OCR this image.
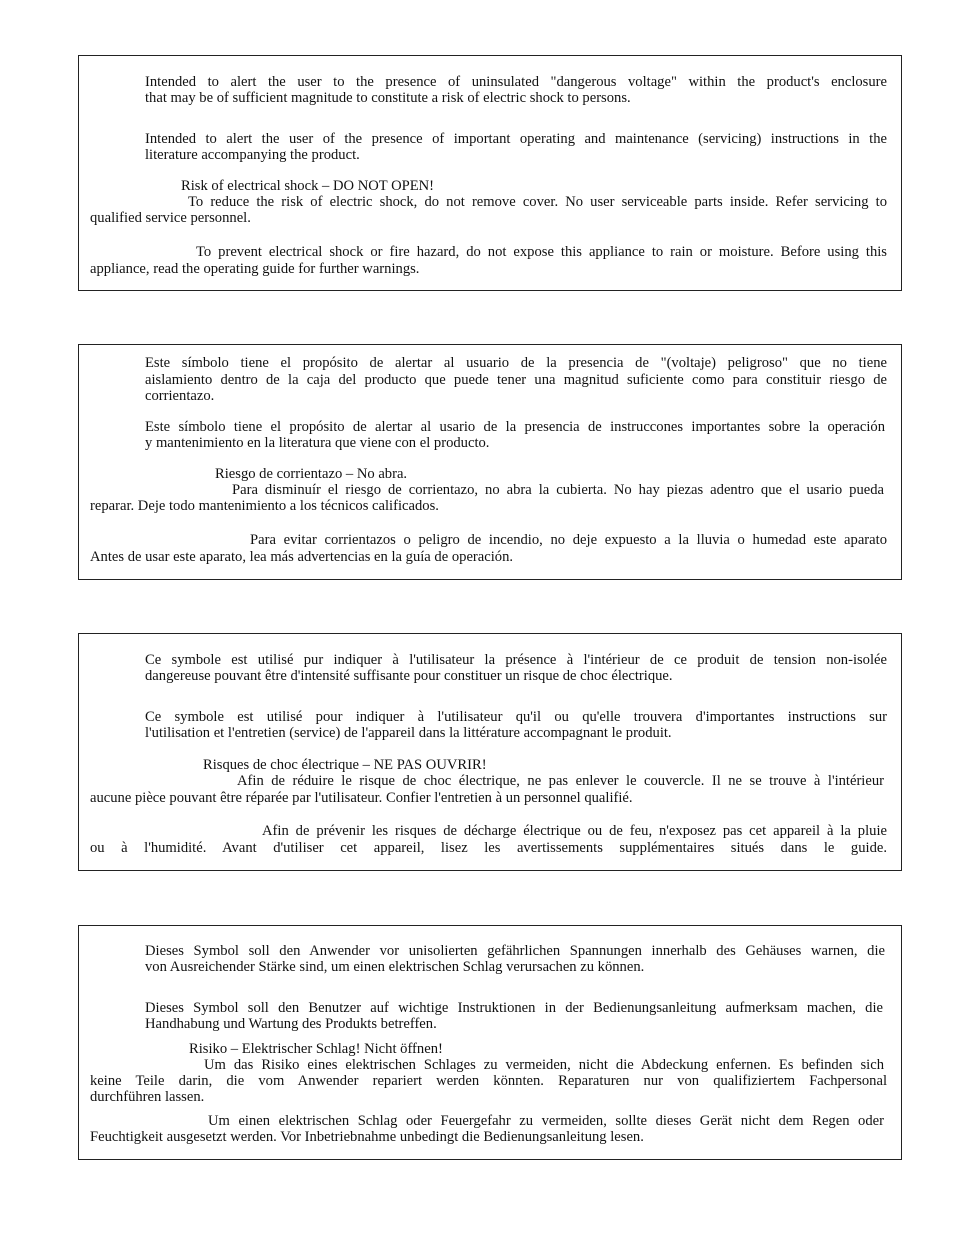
Intended to alert the user to the presence of uninsulated "dangerous voltage" within the product's enclosure

that may be of sufficient magnitude to constitute a risk of electric shock to persons.

Intended to alert the user of the presence of important operating and maintenance (servicing) instructions in the

literature accompanying the product.

Risk of electrical shock – DO NOT OPEN!

To reduce the risk of electric shock, do not remove cover. No user serviceable parts inside. Refer servicing to

qualified service personnel.

To prevent electrical shock or fire hazard, do not expose this appliance to rain or moisture. Before using this

appliance, read the operating guide for further warnings.

Este símbolo tiene el propósito de alertar al usuario de la presencia de "(voltaje) peligroso" que no tiene

aislamiento dentro de la caja del producto que puede tener una magnitud suficiente como para constituir riesgo de

corrientazo.

Este símbolo tiene el propósito de alertar al usario de la presencia de instruccones importantes sobre la operación

y mantenimiento en la literatura que viene con el producto.

Riesgo de corrientazo – No abra.

Para disminuír el riesgo de corrientazo, no abra la cubierta. No hay piezas adentro que el usario pueda

reparar. Deje todo mantenimiento a los técnicos calificados.

Para evitar corrientazos o peligro de incendio, no deje expuesto a la lluvia o humedad este aparato

Antes de usar este aparato, lea más advertencias en la guía de operación.

Ce symbole est utilisé pur indiquer à l'utilisateur la présence à l'intérieur de ce produit de tension non-isolée

dangereuse pouvant être d'intensité suffisante pour constituer un risque de choc électrique.

Ce symbole est utilisé pour indiquer à l'utilisateur qu'il ou qu'elle trouvera d'importantes instructions sur

l'utilisation et l'entretien (service) de l'appareil dans la littérature accompagnant le produit.

Risques de choc électrique – NE PAS OUVRIR!

Afin de réduire le risque de choc électrique, ne pas enlever le couvercle. Il ne se trouve à l'intérieur

aucune pièce pouvant être réparée par l'utilisateur. Confier l'entretien à un personnel qualifié.

Afin de prévenir les risques de décharge électrique ou de feu, n'exposez pas cet appareil à la pluie

ou à l'humidité. Avant d'utiliser cet appareil, lisez les avertissements supplémentaires situés dans le guide.

Dieses Symbol soll den Anwender vor unisolierten gefährlichen Spannungen innerhalb des Gehäuses warnen, die

von Ausreichender Stärke sind, um einen elektrischen Schlag verursachen zu können.

Dieses Symbol soll den Benutzer auf wichtige Instruktionen in der Bedienungsanleitung aufmerksam machen, die

Handhabung und Wartung des Produkts betreffen.

Risiko – Elektrischer Schlag! Nicht öffnen!

Um das Risiko eines elektrischen Schlages zu vermeiden, nicht die Abdeckung enfernen. Es befinden sich

keine Teile darin, die vom Anwender repariert werden könnten. Reparaturen nur von qualifiziertem Fachpersonal

durchführen lassen.

Um einen elektrischen Schlag oder Feuergefahr zu vermeiden, sollte dieses Gerät nicht dem Regen oder

Feuchtigkeit ausgesetzt werden. Vor Inbetriebnahme unbedingt die Bedienungsanleitung lesen.
